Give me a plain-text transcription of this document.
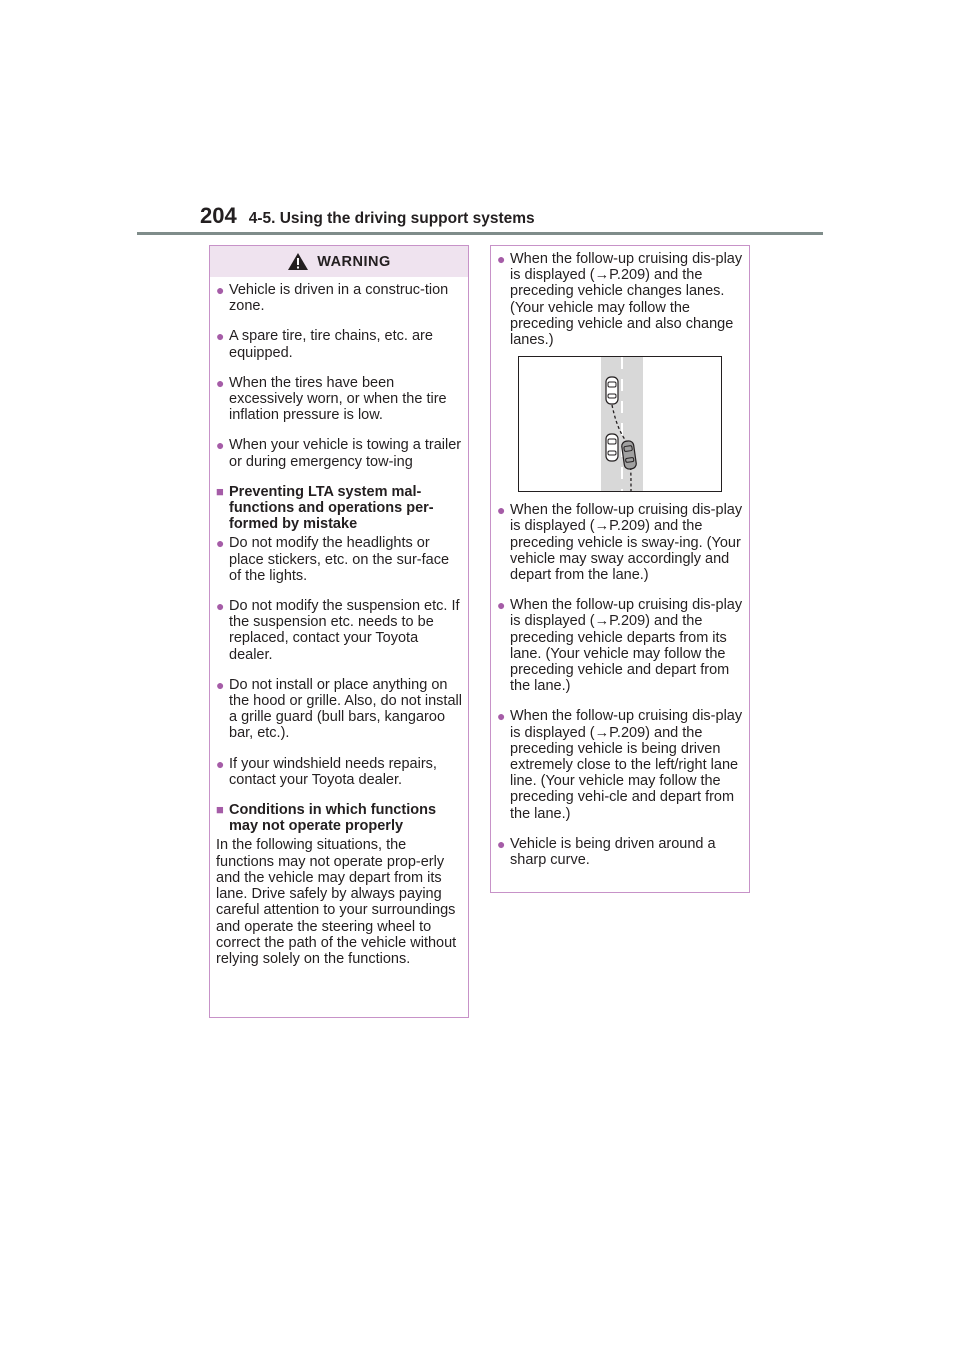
204 4-5. Using the driving support systems
WARNING
● Vehicle is driven in a construc-tion zone.
● A spare tire, tire chains, etc. are equipped.
● When the tires have been excessively worn, or when the tire inflation pressure is low.
● When your vehicle is towing a trailer or during emergency tow-ing
■ Preventing LTA system mal-functions and operations per-formed by mistake
● Do not modify the headlights or place stickers, etc. on the sur-face of the lights.
● Do not modify the suspension etc. If the suspension etc. needs to be replaced, contact your Toyota dealer.
● Do not install or place anything on the hood or grille. Also, do not install a grille guard (bull bars, kangaroo bar, etc.).
● If your windshield needs repairs, contact your Toyota dealer.
■ Conditions in which functions may not operate properly
In the following situations, the functions may not operate prop-erly and the vehicle may depart from its lane. Drive safely by always paying careful attention to your surroundings and operate the steering wheel to correct the path of the vehicle without relying solely on the functions.
● When the follow-up cruising dis-play is displayed (→P.209) and the preceding vehicle changes lanes. (Your vehicle may follow the preceding vehicle and also change lanes.)
● When the follow-up cruising dis-play is displayed (→P.209) and the preceding vehicle is sway-ing. (Your vehicle may sway accordingly and depart from the lane.)
● When the follow-up cruising dis-play is displayed (→P.209) and the preceding vehicle departs from its lane. (Your vehicle may follow the preceding vehicle and depart from the lane.)
● When the follow-up cruising dis-play is displayed (→P.209) and the preceding vehicle is being driven extremely close to the left/right lane line. (Your vehicle may follow the preceding vehi-cle and depart from the lane.)
● Vehicle is being driven around a sharp curve.
